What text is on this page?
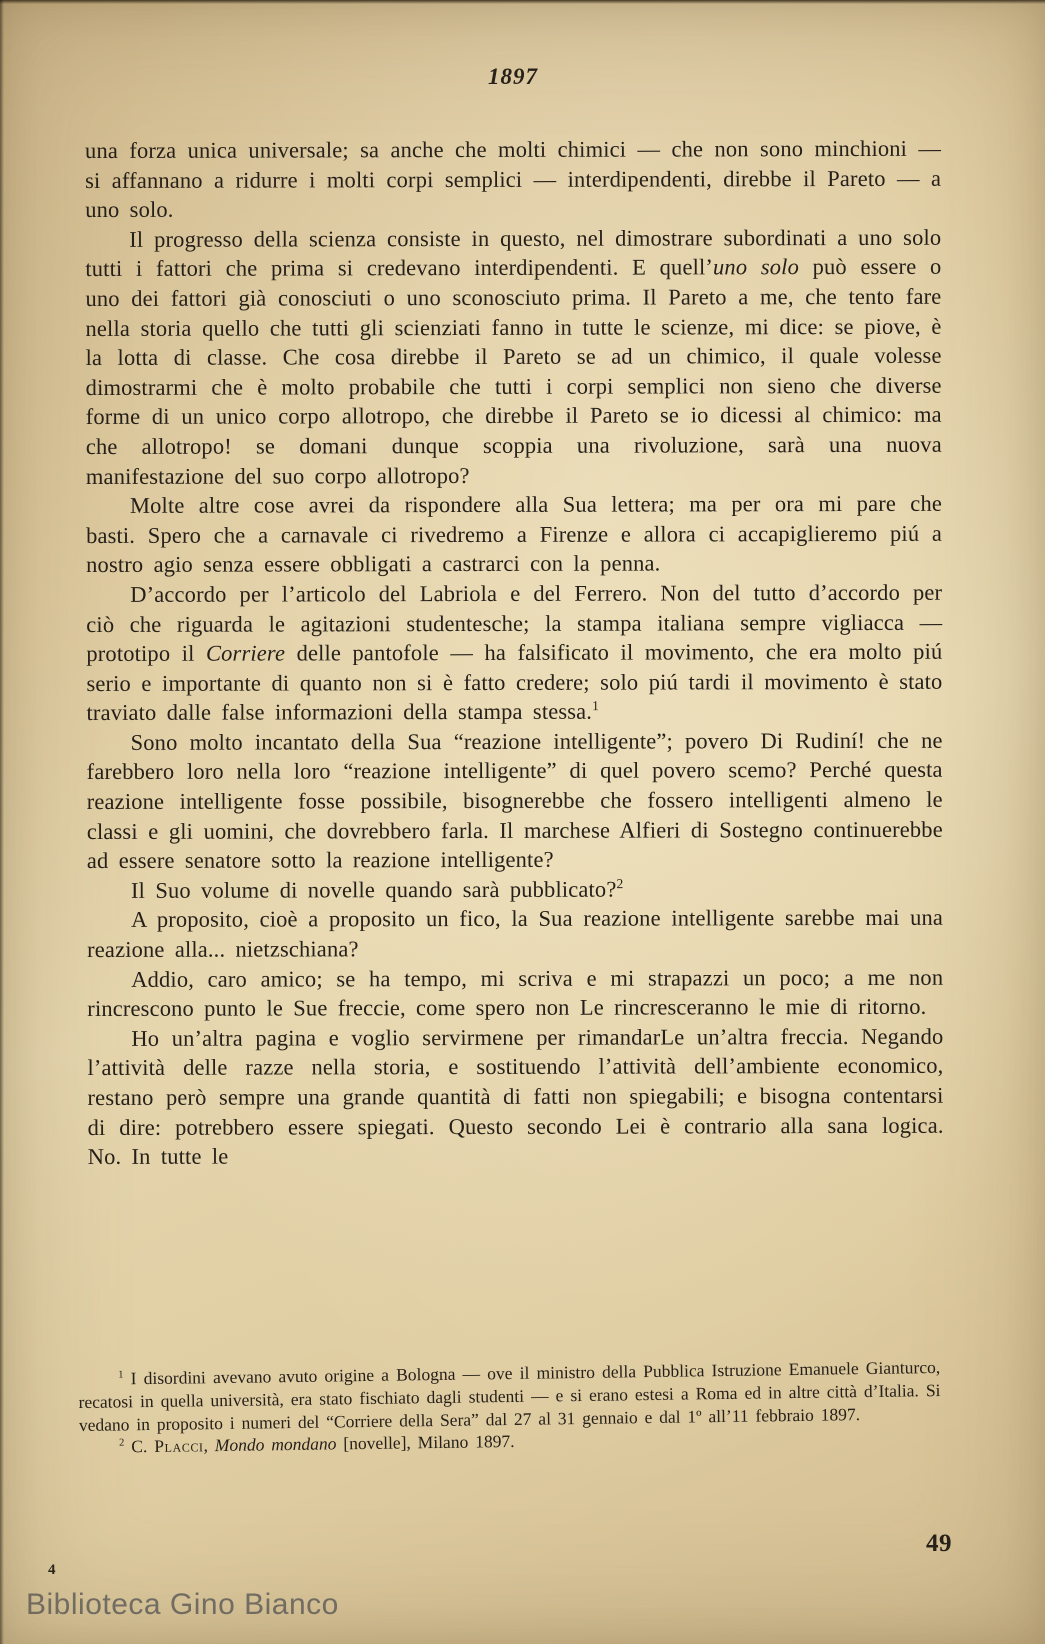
1897

una forza unica universale; sa anche che molti chimici — che non sono minchioni — si affannano a ridurre i molti corpi semplici — interdipendenti, direbbe il Pareto — a uno solo.

Il progresso della scienza consiste in questo, nel dimostrare subordinati a uno solo tutti i fattori che prima si credevano interdipendenti. E quell’uno solo può essere o uno dei fattori già conosciuti o uno sconosciuto prima. Il Pareto a me, che tento fare nella storia quello che tutti gli scienziati fanno in tutte le scienze, mi dice: se piove, è la lotta di classe. Che cosa direbbe il Pareto se ad un chimico, il quale volesse dimostrarmi che è molto probabile che tutti i corpi semplici non sieno che diverse forme di un unico corpo allotropo, che direbbe il Pareto se io dicessi al chimico: ma che allotropo! se domani dunque scoppia una rivoluzione, sarà una nuova manifestazione del suo corpo allotropo?

Molte altre cose avrei da rispondere alla Sua lettera; ma per ora mi pare che basti. Spero che a carnavale ci rivedremo a Firenze e allora ci accapiglieremo piú a nostro agio senza essere obbligati a castrarci con la penna.

D’accordo per l’articolo del Labriola e del Ferrero. Non del tutto d’accordo per ciò che riguarda le agitazioni studentesche; la stampa italiana sempre vigliacca — prototipo il Corriere delle pantofole — ha falsificato il movimento, che era molto piú serio e importante di quanto non si è fatto credere; solo piú tardi il movimento è stato traviato dalle false informazioni della stampa stessa.$^1$

Sono molto incantato della Sua “reazione intelligente”; povero Di Rudiní! che ne farebbero loro nella loro “reazione intelligente” di quel povero scemo? Perché questa reazione intelligente fosse possibile, bisognerebbe che fossero intelligenti almeno le classi e gli uomini, che dovrebbero farla. Il marchese Alfieri di Sostegno continuerebbe ad essere senatore sotto la reazione intelligente?

Il Suo volume di novelle quando sarà pubblicato?$^2$

A proposito, cioè a proposito un fico, la Sua reazione intelligente sarebbe mai una reazione alla... nietzschiana?

Addio, caro amico; se ha tempo, mi scriva e mi strapazzi un poco; a me non rincrescono punto le Sue freccie, come spero non Le rincresceranno le mie di ritorno.

Ho un’altra pagina e voglio servirmene per rimandarLe un’altra freccia. Negando l’attività delle razze nella storia, e sostituendo l’attività dell’ambiente economico, restano però sempre una grande quantità di fatti non spiegabili; e bisogna contentarsi di dire: potrebbero essere spiegati. Questo secondo Lei è contrario alla sana logica. No. In tutte le

$^1$ I disordini avevano avuto origine a Bologna — ove il ministro della Pubblica Istruzione Emanuele Gianturco, recatosi in quella università, era stato fischiato dagli studenti — e si erano estesi a Roma ed in altre città d’Italia. Si vedano in proposito i numeri del “Corriere della Sera” dal 27 al 31 gennaio e dal 1º all’11 febbraio 1897.

$^2$ C. Placci, Mondo mondano [novelle], Milano 1897.

49
4
Biblioteca Gino Bianco
